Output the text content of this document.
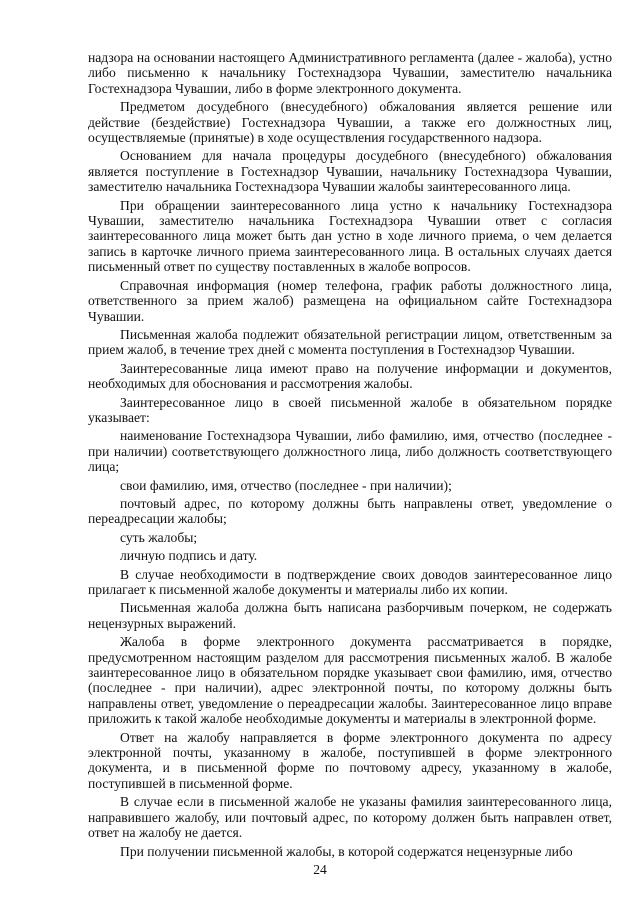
надзора на основании настоящего Административного регламента (далее - жалоба), устно либо письменно к начальнику Гостехнадзора Чувашии, заместителю начальника Гостехнадзора Чувашии, либо в форме электронного документа.

Предметом досудебного (внесудебного) обжалования является решение или действие (бездействие) Гостехнадзора Чувашии, а также его должностных лиц, осуществляемые (принятые) в ходе осуществления государственного надзора.

Основанием для начала процедуры досудебного (внесудебного) обжалования является поступление в Гостехнадзор Чувашии, начальнику Гостехнадзора Чувашии, заместителю начальника Гостехнадзора Чувашии жалобы заинтересованного лица.

При обращении заинтересованного лица устно к начальнику Гостехнадзора Чувашии, заместителю начальника Гостехнадзора Чувашии ответ с согласия заинтересованного лица может быть дан устно в ходе личного приема, о чем делается запись в карточке личного приема заинтересованного лица. В остальных случаях дается письменный ответ по существу поставленных в жалобе вопросов.

Справочная информация (номер телефона, график работы должностного лица, ответственного за прием жалоб) размещена на официальном сайте Гостехнадзора Чувашии.

Письменная жалоба подлежит обязательной регистрации лицом, ответственным за прием жалоб, в течение трех дней с момента поступления в Гостехнадзор Чувашии.

Заинтересованные лица имеют право на получение информации и документов, необходимых для обоснования и рассмотрения жалобы.

Заинтересованное лицо в своей письменной жалобе в обязательном порядке указывает:

наименование Гостехнадзора Чувашии, либо фамилию, имя, отчество (последнее - при наличии) соответствующего должностного лица, либо должность соответствующего лица;

свои фамилию, имя, отчество (последнее - при наличии);

почтовый адрес, по которому должны быть направлены ответ, уведомление о переадресации жалобы;

суть жалобы;

личную подпись и дату.

В случае необходимости в подтверждение своих доводов заинтересованное лицо прилагает к письменной жалобе документы и материалы либо их копии.

Письменная жалоба должна быть написана разборчивым почерком, не содержать нецензурных выражений.

Жалоба в форме электронного документа рассматривается в порядке, предусмотренном настоящим разделом для рассмотрения письменных жалоб. В жалобе заинтересованное лицо в обязательном порядке указывает свои фамилию, имя, отчество (последнее - при наличии), адрес электронной почты, по которому должны быть направлены ответ, уведомление о переадресации жалобы. Заинтересованное лицо вправе приложить к такой жалобе необходимые документы и материалы в электронной форме.

Ответ на жалобу направляется в форме электронного документа по адресу электронной почты, указанному в жалобе, поступившей в форме электронного документа, и в письменной форме по почтовому адресу, указанному в жалобе, поступившей в письменной форме.

В случае если в письменной жалобе не указаны фамилия заинтересованного лица, направившего жалобу, или почтовый адрес, по которому должен быть направлен ответ, ответ на жалобу не дается.

При получении письменной жалобы, в которой содержатся нецензурные либо

24
